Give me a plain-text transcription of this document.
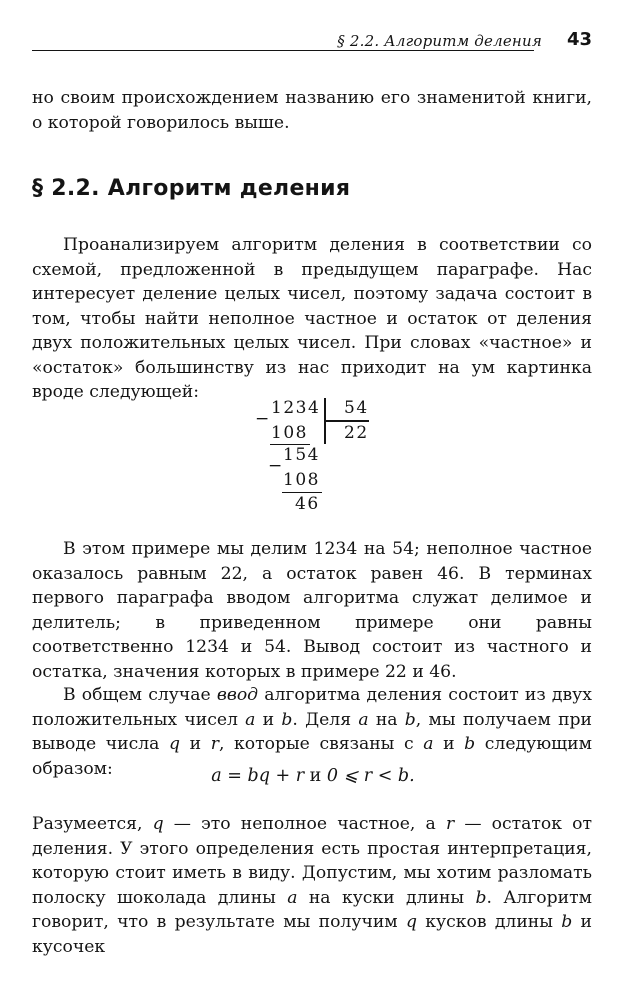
§ 2.2. Алгоритм деления 43

но своим происхождением названию его знаменитой книги, о которой говорилось выше.

§ 2.2. Алгоритм деления

Проанализируем алгоритм деления в соответствии со схемой, предложенной в предыдущем параграфе. Нас интересует деление целых чисел, поэтому задача состоит в том, чтобы найти неполное частное и остаток от деления двух положительных целых чисел. При словах «частное» и «остаток» большинству из нас приходит на ум картинка вроде следующей:

−
1234 54
108 22
−
154
108
46

В этом примере мы делим 1234 на 54; неполное частное оказалось равным 22, а остаток равен 46. В терминах первого параграфа вводом алгоритма служат делимое и делитель; в приведенном примере они равны соответственно 1234 и 54. Вывод состоит из частного и остатка, значения которых в примере 22 и 46.

В общем случае ввод алгоритма деления состоит из двух положительных чисел a и b. Деля a на b, мы получаем при выводе числа q и r, которые связаны с a и b следующим образом:	a = bq + r и 0 ⩽ r < b.

Разумеется, q — это неполное частное, а r — остаток от деления. У этого определения есть простая интерпретация, которую стоит иметь в виду. Допустим, мы хотим разломать полоску шоколада длины a на куски длины b. Алгоритм говорит, что в результате мы получим q кусков длины b и кусочек
